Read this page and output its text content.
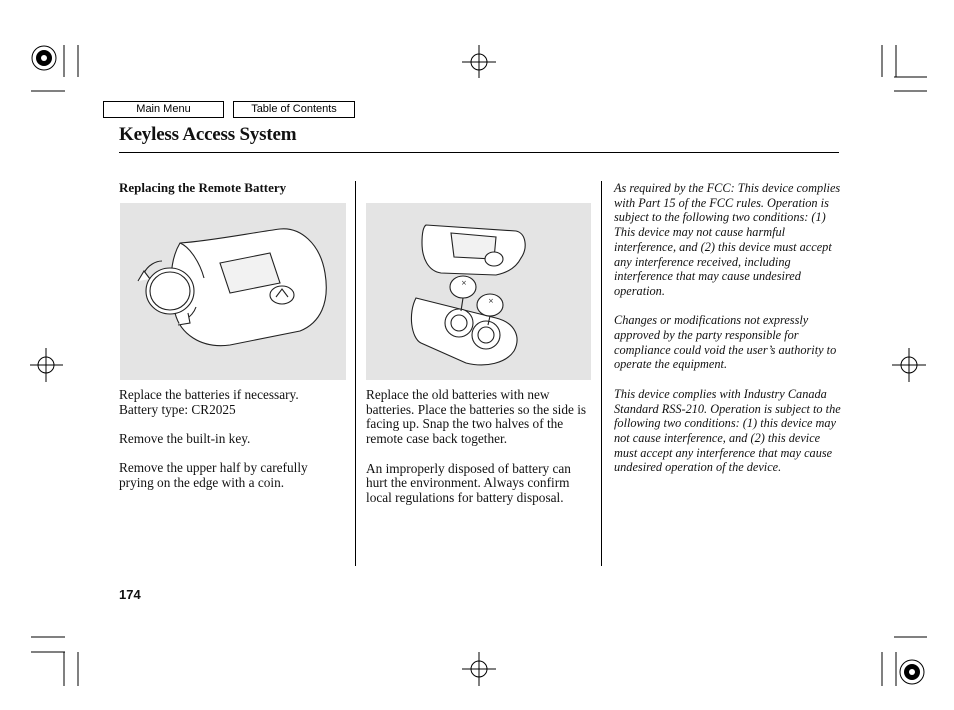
Main Menu	Table of Contents
Keyless Access System
Replacing the Remote Battery
×
×

Replace the batteries if necessary. Battery type: CR2025

Remove the built-in key.

Remove the upper half by carefully prying on the edge with a coin.

Replace the old batteries with new batteries. Place the batteries so the side is facing up. Snap the two halves of the remote case back together.

An improperly disposed of battery can hurt the environment. Always confirm local regulations for battery disposal.

As required by the FCC: This device complies with Part 15 of the FCC rules. Operation is subject to the following two conditions: (1) This device may not cause harmful interference, and (2) this device must accept any interference received, including interference that may cause undesired operation.

Changes or modifications not expressly approved by the party responsible for compliance could void the user’s authority to operate the equipment.

This device complies with Industry Canada Standard RSS-210. Operation is subject to the following two conditions: (1) this device may not cause interference, and (2) this device must accept any interference that may cause undesired operation of the device.

174
